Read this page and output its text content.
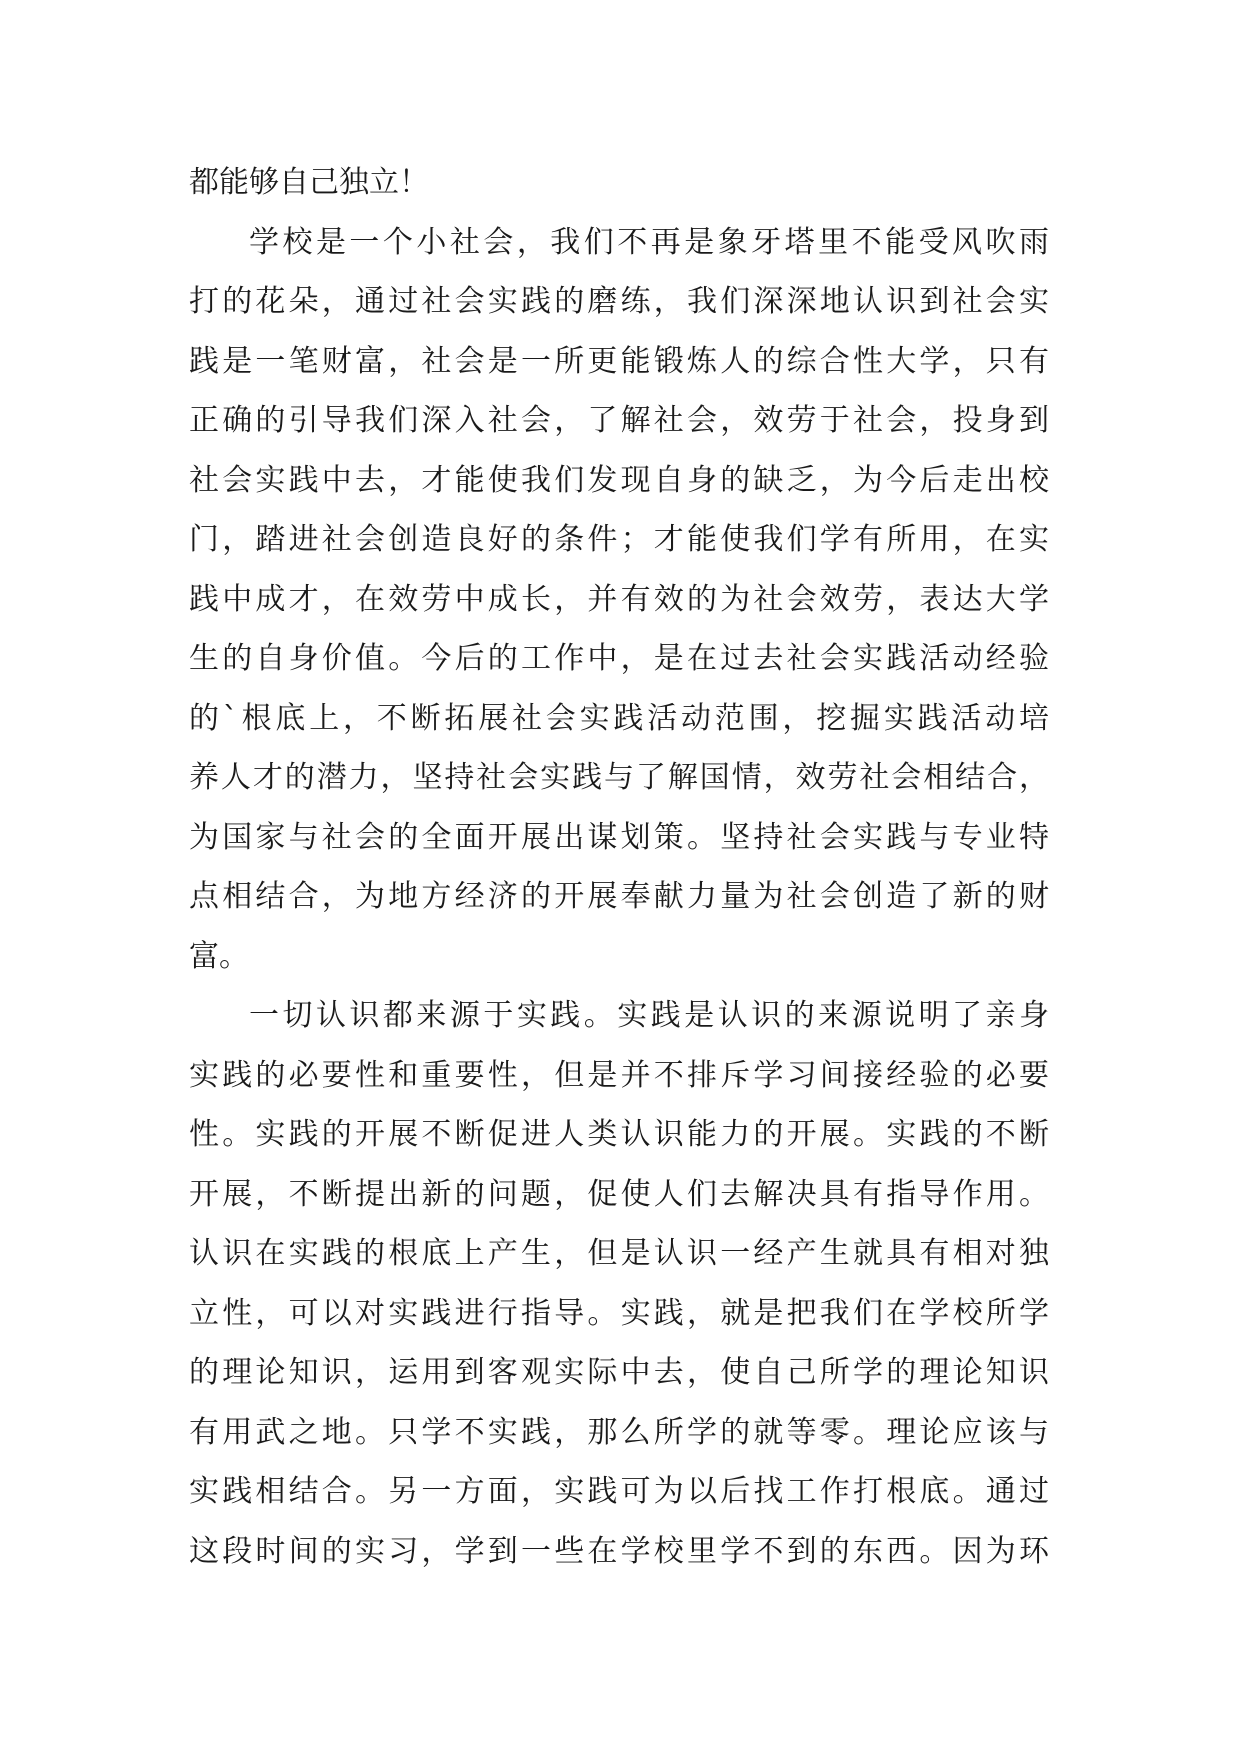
都能够自己独立！
学校是一个小社会，我们不再是象牙塔里不能受风吹雨
打的花朵，通过社会实践的磨练，我们深深地认识到社会实
践是一笔财富，社会是一所更能锻炼人的综合性大学，只有
正确的引导我们深入社会，了解社会，效劳于社会，投身到
社会实践中去，才能使我们发现自身的缺乏，为今后走出校
门，踏进社会创造良好的条件；才能使我们学有所用，在实
践中成才，在效劳中成长，并有效的为社会效劳，表达大学
生的自身价值。今后的工作中，是在过去社会实践活动经验
的`根底上，不断拓展社会实践活动范围，挖掘实践活动培
养人才的潜力，坚持社会实践与了解国情，效劳社会相结合，
为国家与社会的全面开展出谋划策。坚持社会实践与专业特
点相结合，为地方经济的开展奉献力量为社会创造了新的财
富。
一切认识都来源于实践。实践是认识的来源说明了亲身
实践的必要性和重要性，但是并不排斥学习间接经验的必要
性。实践的开展不断促进人类认识能力的开展。实践的不断
开展，不断提出新的问题，促使人们去解决具有指导作用。
认识在实践的根底上产生，但是认识一经产生就具有相对独
立性，可以对实践进行指导。实践，就是把我们在学校所学
的理论知识，运用到客观实际中去，使自己所学的理论知识
有用武之地。只学不实践，那么所学的就等零。理论应该与
实践相结合。另一方面，实践可为以后找工作打根底。通过
这段时间的实习，学到一些在学校里学不到的东西。因为环
